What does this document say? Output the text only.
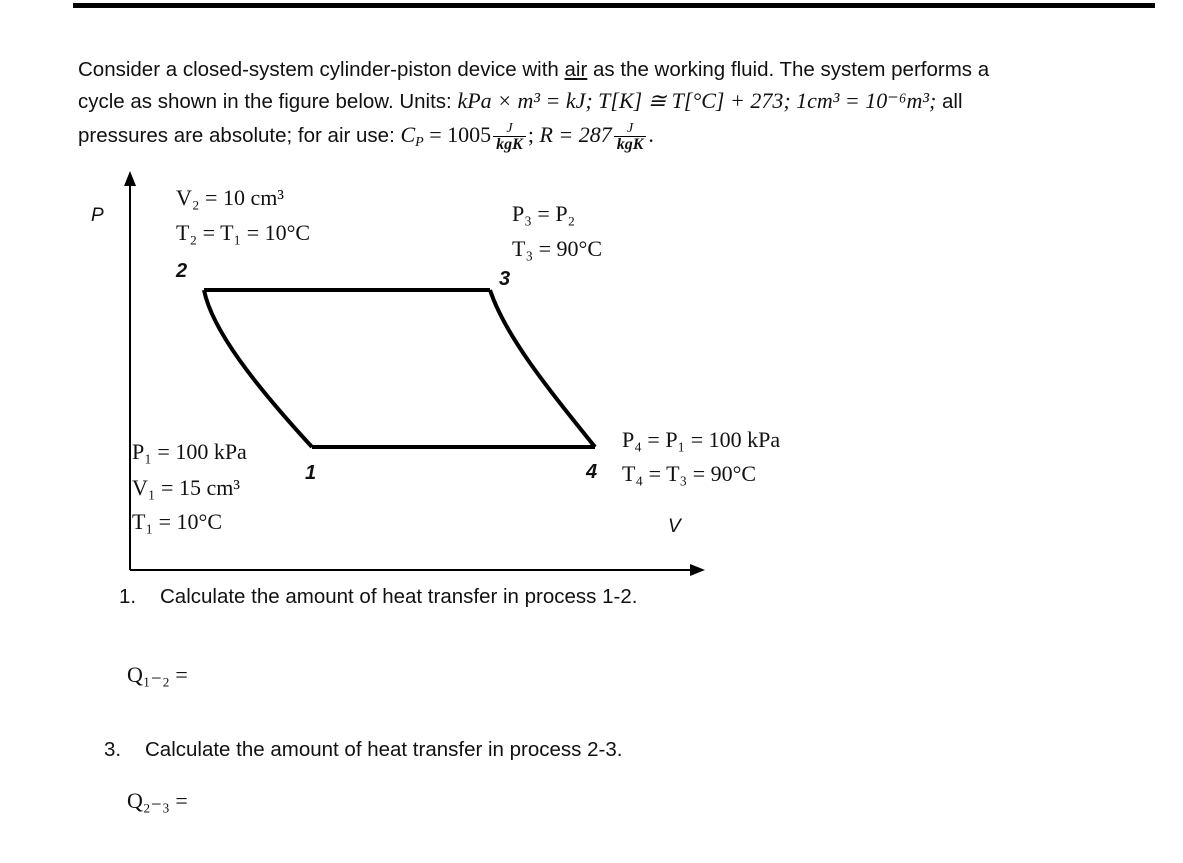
Consider a closed-system cylinder-piston device with air as the working fluid. The system performs a
cycle as shown in the figure below. Units: kPa × m³ = kJ; T[K] ≅ T[°C] + 273; 1cm³ = 10⁻⁶m³; all
pressures are absolute; for air use: CP = $1005 \frac{J}{\text{kgK}}$ ; $R = 287 \frac{J}{\text{kgK}}$ .
P
V
V₂ = 10 cm³
T₂ = T₁ = 10°C
2
P₃ = P₂
T₃ = 90°C
3
P₁ = 100 kPa
V₁ = 15 cm³
T₁ = 10°C
1
P₄ = P₁ = 100 kPa
T₄ = T₃ = 90°C
4
1. Calculate the amount of heat transfer in process 1-2.
Q₁₋₂ =
3. Calculate the amount of heat transfer in process 2-3.
Q₂₋₃ =
